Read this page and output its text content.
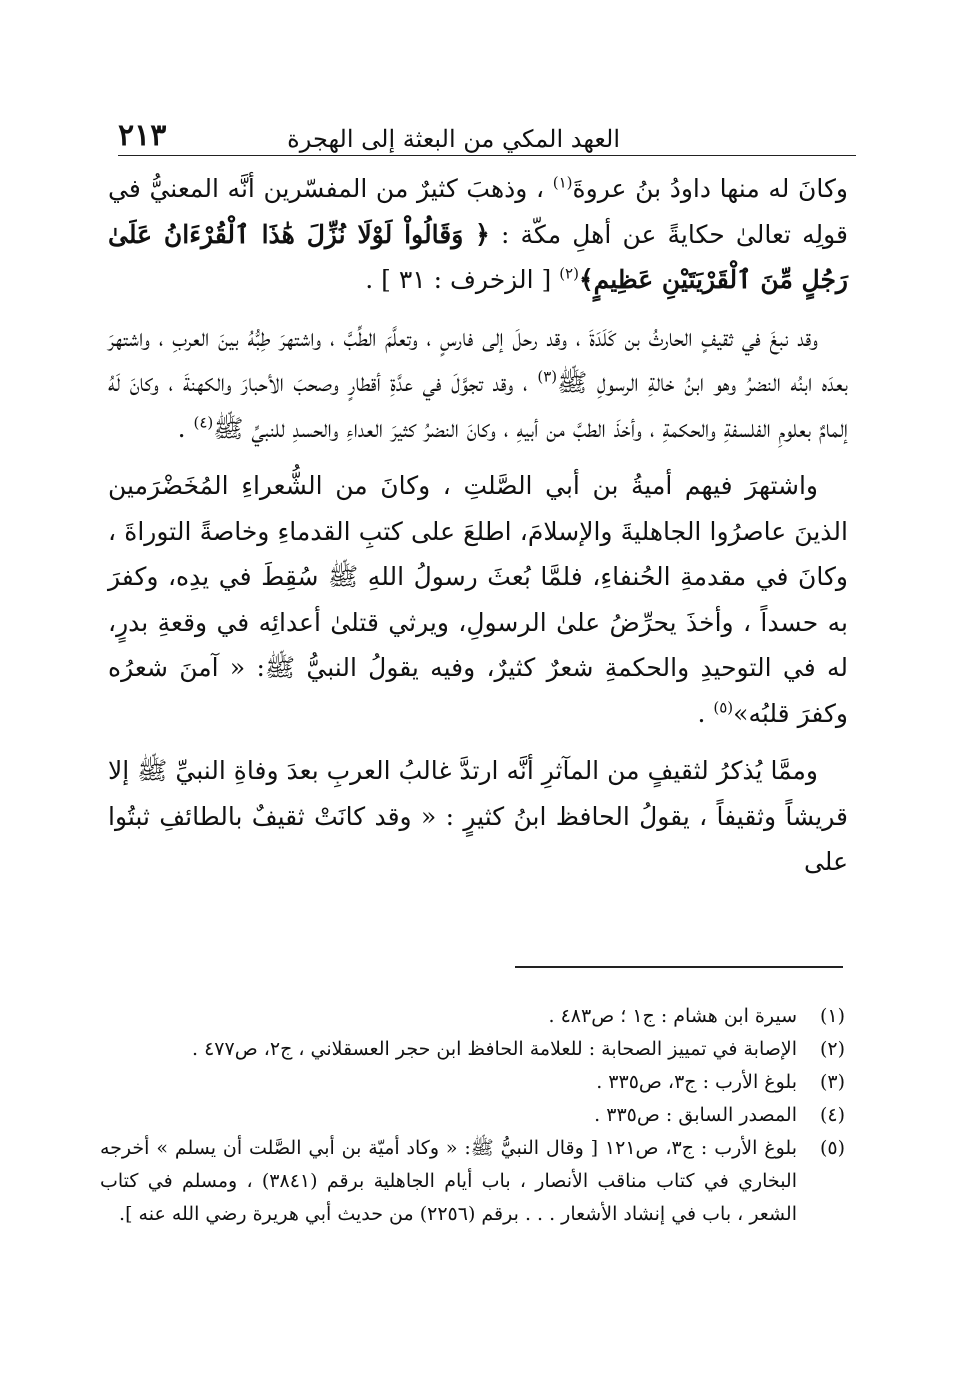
العهد المكي من البعثة إلى الهجرة
٢١٣

وكانَ له منها داودُ بنُ عروةَ$^{(١)}$ ، وذهبَ كثيرٌ من المفسّرين أنَّه المعنيُّ في قولِه تعالىٰ حكايةً عن أهلِ مكّة : ﴿ وَقَالُواْ لَوْلَا نُزِّلَ هَٰذَا ٱلْقُرْءَانُ عَلَىٰ رَجُلٍ مِّنَ ٱلْقَرْيَتَيْنِ عَظِيمٍ﴾$^{(٢)}$ [ الزخرف : ٣١ ] .

وقد نبغَ في ثقيفٍ الحارثُ بن كَلَدَةَ ، وقد رحلَ إلى فارسٍ ، وتعلَّمَ الطِّبَّ ، واشتهرَ طِبُّهُ بينَ العربِ ، واشتهرَ بعدَه ابنُه النضرُ وهو ابنُ خالةِ الرسولِ ﷺ$^{(٣)}$ ، وقد تجوَّلَ في عدَّةِ أقطارٍ وصحبَ الأحبارَ والكهنةَ ، وكانَ لَهُ إلمامٌ بعلومِ الفلسفةِ والحكمةِ ، وأخذَ الطبَّ من أبيهِ ، وكانَ النضرُ كثيرَ العداءِ والحسدِ للنبيِّ ﷺ$^{(٤)}$ .

واشتهرَ فيهم أميةُ بن أبي الصَّلتِ ، وكانَ من الشُّعراءِ المُخَضْرَمين الذينَ عاصرُوا الجاهليةَ والإسلامَ، اطلعَ على كتبِ القدماءِ وخاصةً التوراةَ ، وكانَ في مقدمةِ الحُنفاءِ، فلمَّا بُعثَ رسولُ اللهِ ﷺ سُقِطَ في يدِه، وكفرَ به حسداً ، وأخذَ يحرِّضُ علىٰ الرسولِ، ويرثي قتلىٰ أعدائِه في وقعةِ بدرٍ، له في التوحيدِ والحكمةِ شعرٌ كثيرٌ، وفيه يقولُ النبيُّ ﷺ: « آمنَ شعرُه وكفرَ قلبُه»$^{(٥)}$ .

وممَّا يُذكرُ لثقيفٍ من المآثرِ أنَّه ارتدَّ غالبُ العربِ بعدَ وفاةِ النبيِّ ﷺ إلا قريشاً وثقيفاً ، يقولُ الحافظ ابنُ كثيرٍ : « وقد كانَتْ ثقيفٌ بالطائفِ ثبتُوا على

(١)
سيرة ابن هشام : ج١ ؛ ص٤٨٣ .
(٢)
الإصابة في تمييز الصحابة : للعلامة الحافظ ابن حجر العسقلاني ، ج٢، ص٤٧٧ .
(٣)
بلوغ الأرب : ج٣، ص٣٣٥ .
(٤)
المصدر السابق : ص٣٣٥ .
(٥)
بلوغ الأرب : ج٣، ص١٢١ [ وقال النبيُّ ﷺ: « وكاد أميّة بن أبي الصَّلت أن يسلم » أخرجه البخاري في كتاب مناقب الأنصار ، باب أيام الجاهلية برقم (٣٨٤١) ، ومسلم في كتاب الشعر ، باب في إنشاد الأشعار . . . برقم (٢٢٥٦) من حديث أبي هريرة رضي الله عنه ].
